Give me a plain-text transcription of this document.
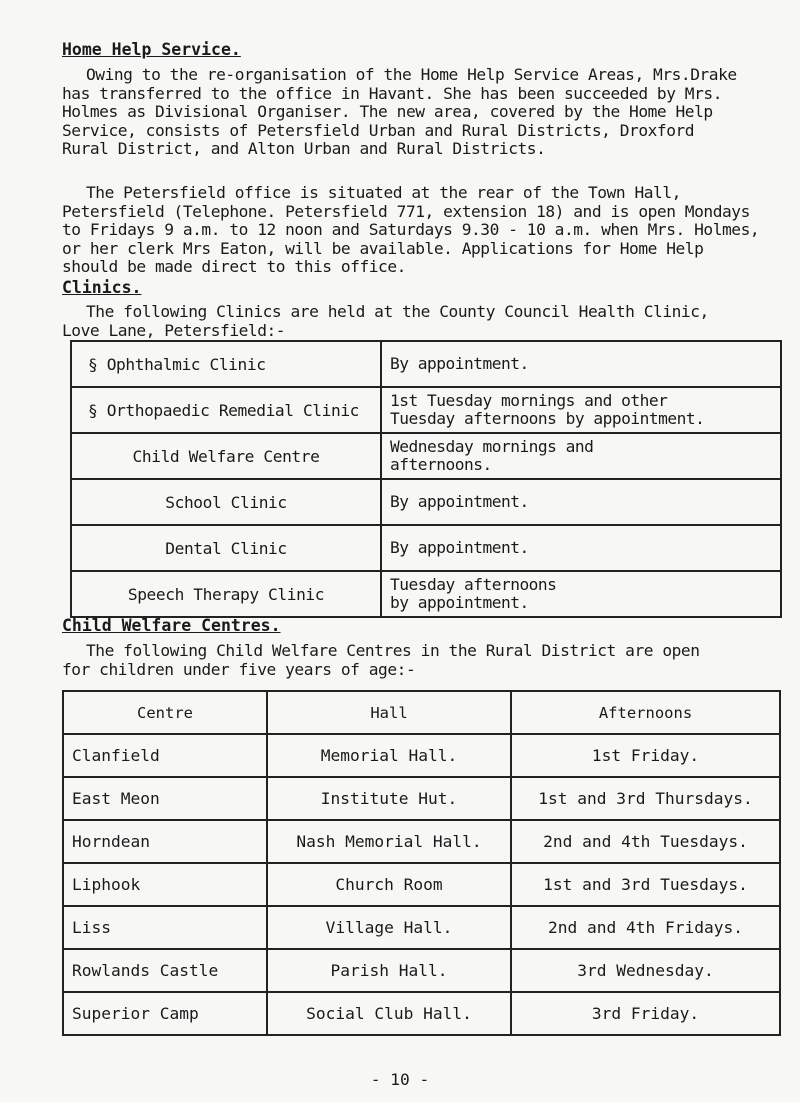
Home Help Service.
Owing to the re-organisation of the Home Help Service Areas, Mrs.Drake
has transferred to the office in Havant. She has been succeeded by Mrs.
Holmes as Divisional Organiser. The new area, covered by the Home Help
Service, consists of Petersfield Urban and Rural Districts, Droxford
Rural District, and Alton Urban and Rural Districts.
The Petersfield office is situated at the rear of the Town Hall,
Petersfield (Telephone. Petersfield 771, extension 18) and is open Mondays
to Fridays 9 a.m. to 12 noon and Saturdays 9.30 - 10 a.m. when Mrs. Holmes,
or her clerk Mrs Eaton, will be available. Applications for Home Help
should be made direct to this office.
Clinics.
The following Clinics are held at the County Council Health Clinic,
Love Lane, Petersfield:-
§ Ophthalmic Clinic	By appointment.
§ Orthopaedic Remedial Clinic	1st Tuesday mornings and other
Tuesday afternoons by appointment.
Child Welfare Centre	Wednesday mornings and
afternoons.
School Clinic	By appointment.
Dental Clinic	By appointment.
Speech Therapy Clinic	Tuesday afternoons
by appointment.
Child Welfare Centres.
The following Child Welfare Centres in the Rural District are open
for children under five years of age:-
Centre	Hall	Afternoons
Clanfield	Memorial Hall.	1st Friday.
East Meon	Institute Hut.	1st and 3rd Thursdays.
Horndean	Nash Memorial Hall.	2nd and 4th Tuesdays.
Liphook	Church Room	1st and 3rd Tuesdays.
Liss	Village Hall.	2nd and 4th Fridays.
Rowlands Castle	Parish Hall.	3rd Wednesday.
Superior Camp	Social Club Hall.	3rd Friday.
- 10 -
